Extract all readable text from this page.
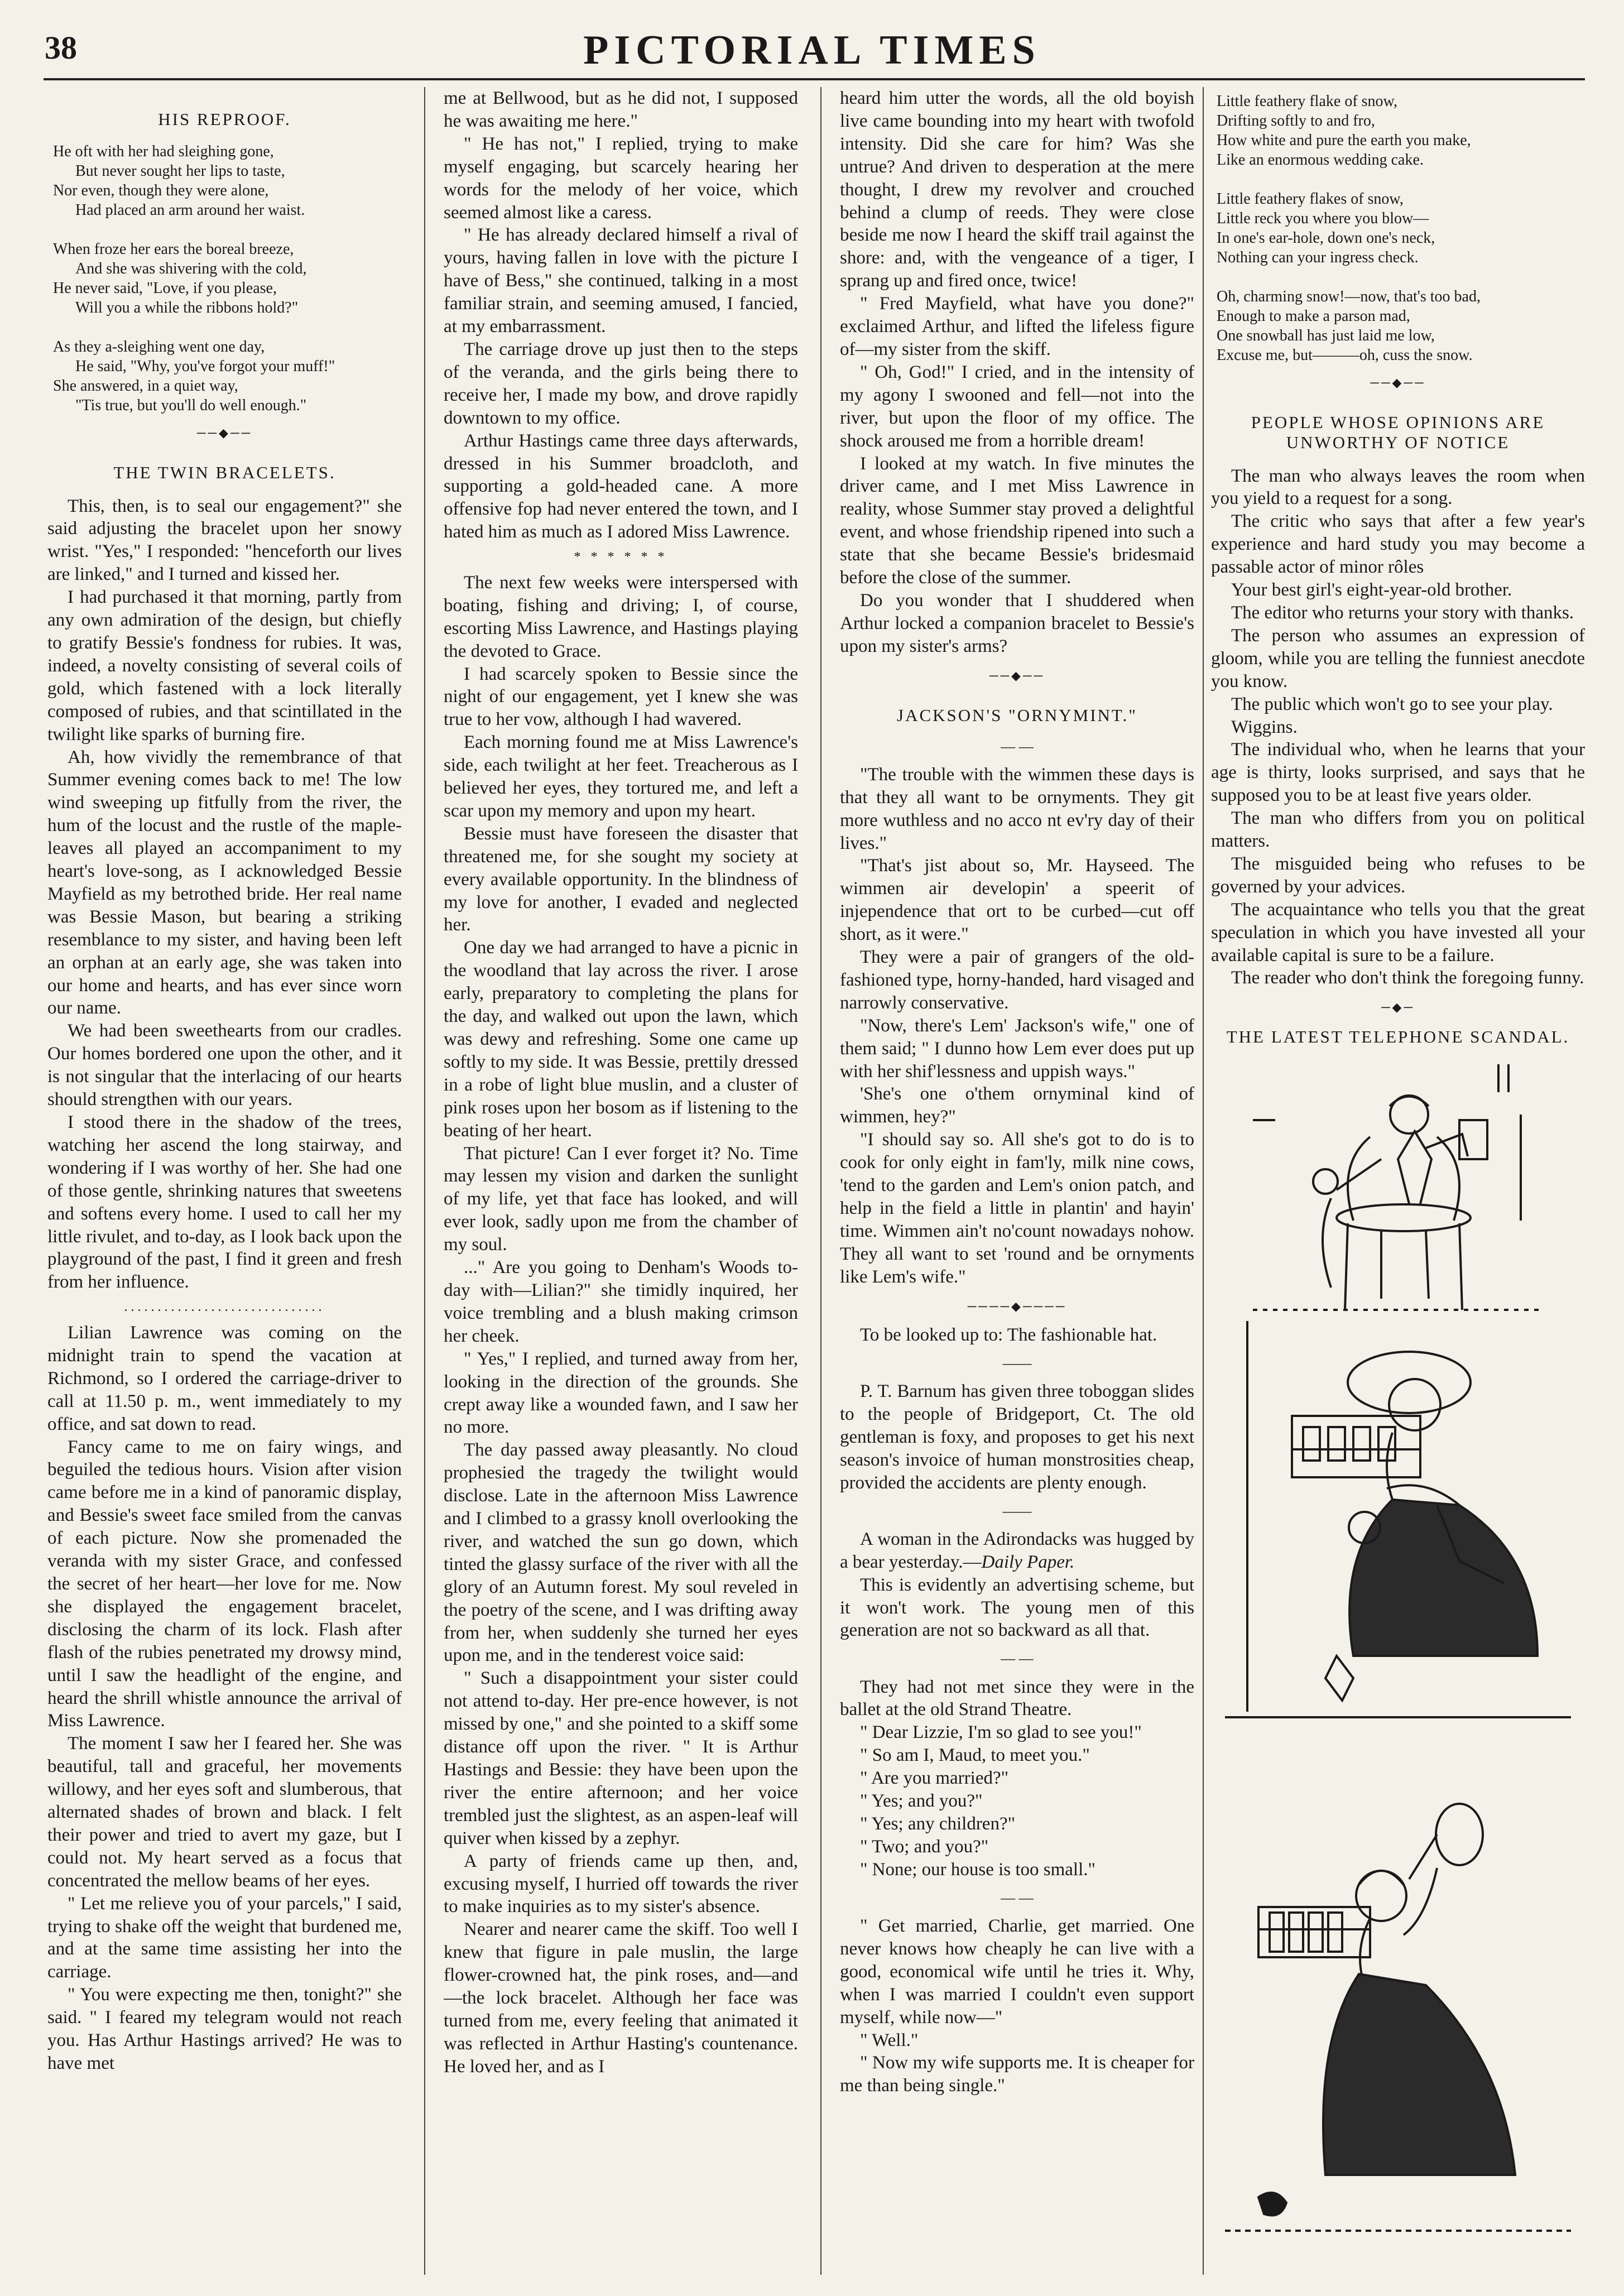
38	PICTORIAL TIMES
HIS REPROOF.
He oft with her had sleighing gone,
But never sought her lips to taste,
Nor even, though they were alone,
Had placed an arm around her waist.

When froze her ears the boreal breeze,
And she was shivering with the cold,
He never said, "Love, if you please,
Will you a while the ribbons hold?"

As they a-sleighing went one day,
He said, "Why, you've forgot your muff!"
She answered, in a quiet way,
"Tis true, but you'll do well enough."
──◆──
THE TWIN BRACELETS.

This, then, is to seal our engagement?" she said adjusting the bracelet upon her snowy wrist. "Yes," I responded: "henceforth our lives are linked," and I turned and kissed her.

I had purchased it that morning, partly from any own admiration of the design, but chiefly to gratify Bessie's fondness for rubies. It was, indeed, a novelty consisting of several coils of gold, which fastened with a lock literally composed of rubies, and that scintillated in the twilight like sparks of burning fire.

Ah, how vividly the remembrance of that Summer evening comes back to me! The low wind sweeping up fitfully from the river, the hum of the locust and the rustle of the maple-leaves all played an accompaniment to my heart's love-song, as I acknowledged Bessie Mayfield as my betrothed bride. Her real name was Bessie Mason, but bearing a striking resemblance to my sister, and having been left an orphan at an early age, she was taken into our home and hearts, and has ever since worn our name.

We had been sweethearts from our cradles. Our homes bordered one upon the other, and it is not singular that the interlacing of our hearts should strengthen with our years.

I stood there in the shadow of the trees, watching her ascend the long stairway, and wondering if I was worthy of her. She had one of those gentle, shrinking natures that sweetens and softens every home. I used to call her my little rivulet, and to-day, as I look back upon the playground of the past, I find it green and fresh from her influence.

..............................

Lilian Lawrence was coming on the midnight train to spend the vacation at Richmond, so I ordered the carriage-driver to call at 11.50 p. m., went immediately to my office, and sat down to read.

Fancy came to me on fairy wings, and beguiled the tedious hours. Vision after vision came before me in a kind of panoramic display, and Bessie's sweet face smiled from the canvas of each picture. Now she promenaded the veranda with my sister Grace, and confessed the secret of her heart—her love for me. Now she displayed the engagement bracelet, disclosing the charm of its lock. Flash after flash of the rubies penetrated my drowsy mind, until I saw the headlight of the engine, and heard the shrill whistle announce the arrival of Miss Lawrence.

The moment I saw her I feared her. She was beautiful, tall and graceful, her movements willowy, and her eyes soft and slumberous, that alternated shades of brown and black. I felt their power and tried to avert my gaze, but I could not. My heart served as a focus that concentrated the mellow beams of her eyes.

" Let me relieve you of your parcels," I said, trying to shake off the weight that burdened me, and at the same time assisting her into the carriage.

" You were expecting me then, tonight?" she said. " I feared my telegram would not reach you. Has Arthur Hastings arrived? He was to have met

me at Bellwood, but as he did not, I supposed he was awaiting me here."

" He has not," I replied, trying to make myself engaging, but scarcely hearing her words for the melody of her voice, which seemed almost like a caress.

" He has already declared himself a rival of yours, having fallen in love with the picture I have of Bess," she continued, talking in a most familiar strain, and seeming amused, I fancied, at my embarrassment.

The carriage drove up just then to the steps of the veranda, and the girls being there to receive her, I made my bow, and drove rapidly downtown to my office.

Arthur Hastings came three days afterwards, dressed in his Summer broadcloth, and supporting a gold-headed cane. A more offensive fop had never entered the town, and I hated him as much as I adored Miss Lawrence.

* * * * * *

The next few weeks were interspersed with boating, fishing and driving; I, of course, escorting Miss Lawrence, and Hastings playing the devoted to Grace.

I had scarcely spoken to Bessie since the night of our engagement, yet I knew she was true to her vow, although I had wavered.

Each morning found me at Miss Lawrence's side, each twilight at her feet. Treacherous as I believed her eyes, they tortured me, and left a scar upon my memory and upon my heart.

Bessie must have foreseen the disaster that threatened me, for she sought my society at every available opportunity. In the blindness of my love for another, I evaded and neglected her.

One day we had arranged to have a picnic in the woodland that lay across the river. I arose early, preparatory to completing the plans for the day, and walked out upon the lawn, which was dewy and refreshing. Some one came up softly to my side. It was Bessie, prettily dressed in a robe of light blue muslin, and a cluster of pink roses upon her bosom as if listening to the beating of her heart.

That picture! Can I ever forget it? No. Time may lessen my vision and darken the sunlight of my life, yet that face has looked, and will ever look, sadly upon me from the chamber of my soul.

..." Are you going to Denham's Woods to-day with—Lilian?" she timidly inquired, her voice trembling and a blush making crimson her cheek.

" Yes," I replied, and turned away from her, looking in the direction of the grounds. She crept away like a wounded fawn, and I saw her no more.

The day passed away pleasantly. No cloud prophesied the tragedy the twilight would disclose. Late in the afternoon Miss Lawrence and I climbed to a grassy knoll overlooking the river, and watched the sun go down, which tinted the glassy surface of the river with all the glory of an Autumn forest. My soul reveled in the poetry of the scene, and I was drifting away from her, when suddenly she turned her eyes upon me, and in the tenderest voice said:

" Such a disappointment your sister could not attend to-day. Her pre-ence however, is not missed by one," and she pointed to a skiff some distance off upon the river. " It is Arthur Hastings and Bessie: they have been upon the river the entire afternoon; and her voice trembled just the slightest, as an aspen-leaf will quiver when kissed by a zephyr.

A party of friends came up then, and, excusing myself, I hurried off towards the river to make inquiries as to my sister's absence.

Nearer and nearer came the skiff. Too well I knew that figure in pale muslin, the large flower-crowned hat, the pink roses, and—and—the lock bracelet. Although her face was turned from me, every feeling that animated it was reflected in Arthur Hasting's countenance. He loved her, and as I

heard him utter the words, all the old boyish live came bounding into my heart with twofold intensity. Did she care for him? Was she untrue? And driven to desperation at the mere thought, I drew my revolver and crouched behind a clump of reeds. They were close beside me now I heard the skiff trail against the shore: and, with the vengeance of a tiger, I sprang up and fired once, twice!

" Fred Mayfield, what have you done?" exclaimed Arthur, and lifted the lifeless figure of—my sister from the skiff.

" Oh, God!" I cried, and in the intensity of my agony I swooned and fell—not into the river, but upon the floor of my office. The shock aroused me from a horrible dream!

I looked at my watch. In five minutes the driver came, and I met Miss Lawrence in reality, whose Summer stay proved a delightful event, and whose friendship ripened into such a state that she became Bessie's bridesmaid before the close of the summer.

Do you wonder that I shuddered when Arthur locked a companion bracelet to Bessie's upon my sister's arms?

──◆──
JACKSON'S "ORNYMINT."
— —

"The trouble with the wimmen these days is that they all want to be ornyments. They git more wuthless and no acco nt ev'ry day of their lives."

"That's jist about so, Mr. Hayseed. The wimmen air developin' a speerit of injependence that ort to be curbed—cut off short, as it were."

They were a pair of grangers of the old-fashioned type, horny-handed, hard visaged and narrowly conservative.

"Now, there's Lem' Jackson's wife," one of them said; " I dunno how Lem ever does put up with her shif'lessness and uppish ways."

'She's one o'them ornyminal kind of wimmen, hey?"

"I should say so. All she's got to do is to cook for only eight in fam'ly, milk nine cows, 'tend to the garden and Lem's onion patch, and help in the field a little in plantin' and hayin' time. Wimmen ain't no'count nowadays nohow. They all want to set 'round and be ornyments like Lem's wife."

────◆────

To be looked up to: The fashionable hat.

——

P. T. Barnum has given three toboggan slides to the people of Bridgeport, Ct. The old gentleman is foxy, and proposes to get his next season's invoice of human monstrosities cheap, provided the accidents are plenty enough.

——

A woman in the Adirondacks was hugged by a bear yesterday.—Daily Paper.

This is evidently an advertising scheme, but it won't work. The young men of this generation are not so backward as all that.

— —

They had not met since they were in the ballet at the old Strand Theatre.

" Dear Lizzie, I'm so glad to see you!"

" So am I, Maud, to meet you."

" Are you married?"

" Yes; and you?"

" Yes; any children?"

" Two; and you?"

" None; our house is too small."

— —

" Get married, Charlie, get married. One never knows how cheaply he can live with a good, economical wife until he tries it. Why, when I was married I couldn't even support myself, while now—"

" Well."

" Now my wife supports me. It is cheaper for me than being single."

Little feathery flake of snow,
Drifting softly to and fro,
How white and pure the earth you make,
Like an enormous wedding cake.

Little feathery flakes of snow,
Little reck you where you blow—
In one's ear-hole, down one's neck,
Nothing can your ingress check.

Oh, charming snow!—now, that's too bad,
Enough to make a parson mad,
One snowball has just laid me low,
Excuse me, but———oh, cuss the snow.
──◆──
PEOPLE WHOSE OPINIONS ARE UNWORTHY OF NOTICE

The man who always leaves the room when you yield to a request for a song.

The critic who says that after a few year's experience and hard study you may become a passable actor of minor rôles

Your best girl's eight-year-old brother.

The editor who returns your story with thanks.

The person who assumes an expression of gloom, while you are telling the funniest anecdote you know.

The public which won't go to see your play.

Wiggins.

The individual who, when he learns that your age is thirty, looks surprised, and says that he supposed you to be at least five years older.

The man who differs from you on political matters.

The misguided being who refuses to be governed by your advices.

The acquaintance who tells you that the great speculation in which you have invested all your available capital is sure to be a failure.

The reader who don't think the foregoing funny.

─◆─
THE LATEST TELEPHONE SCANDAL.
